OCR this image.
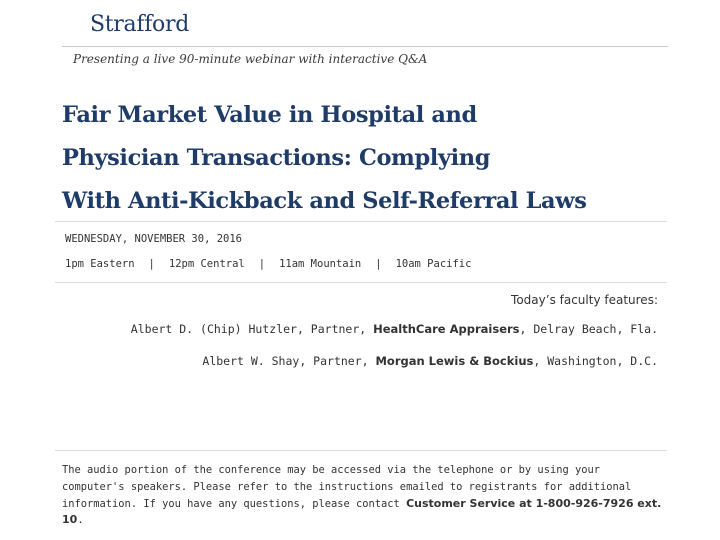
Strafford
Presenting a live 90-minute webinar with interactive Q&A
Fair Market Value in Hospital and
Physician Transactions: Complying
With Anti-Kickback and Self-Referral Laws
WEDNESDAY, NOVEMBER 30, 2016
1pm Eastern | 12pm Central | 11am Mountain | 10am Pacific
Today’s faculty features:
Albert D. (Chip) Hutzler, Partner, HealthCare Appraisers, Delray Beach, Fla.
Albert W. Shay, Partner, Morgan Lewis & Bockius, Washington, D.C.

The audio portion of the conference may be accessed via the telephone or by using your computer's speakers. Please refer to the instructions emailed to registrants for additional information. If you have any questions, please contact Customer Service at 1-800-926-7926 ext. 10.
